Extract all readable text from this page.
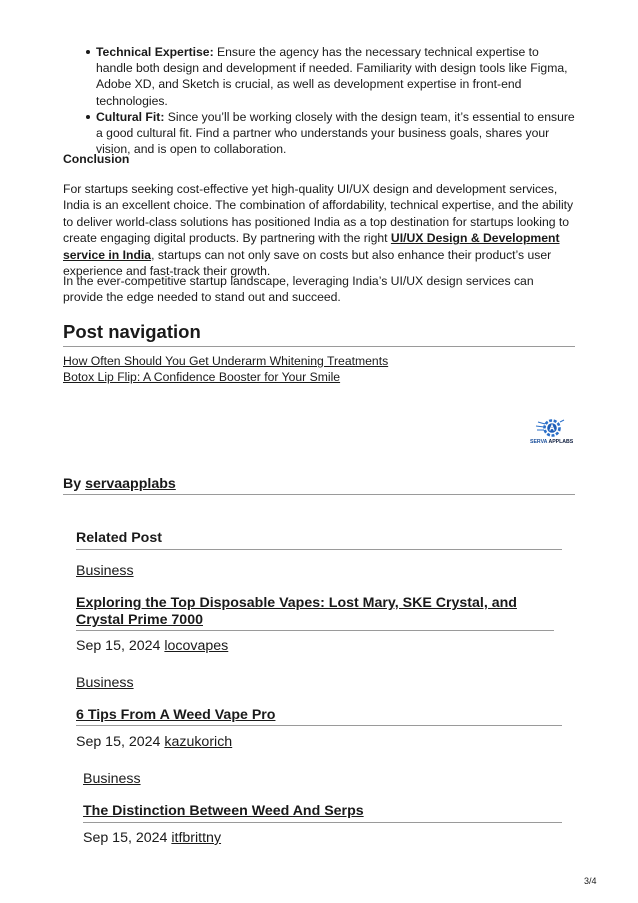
Technical Expertise: Ensure the agency has the necessary technical expertise to handle both design and development if needed. Familiarity with design tools like Figma, Adobe XD, and Sketch is crucial, as well as development expertise in front-end technologies.
Cultural Fit: Since you’ll be working closely with the design team, it’s essential to ensure a good cultural fit. Find a partner who understands your business goals, shares your vision, and is open to collaboration.
Conclusion
For startups seeking cost-effective yet high-quality UI/UX design and development services, India is an excellent choice. The combination of affordability, technical expertise, and the ability to deliver world-class solutions has positioned India as a top destination for startups looking to create engaging digital products. By partnering with the right UI/UX Design & Development service in India, startups can not only save on costs but also enhance their product’s user experience and fast-track their growth.
In the ever-competitive startup landscape, leveraging India’s UI/UX design services can provide the edge needed to stand out and succeed.
Post navigation
How Often Should You Get Underarm Whitening Treatments
Botox Lip Flip: A Confidence Booster for Your Smile
By servaapplabs
SERVA APPLABS
Related Post
Business
Exploring the Top Disposable Vapes: Lost Mary, SKE Crystal, and Crystal Prime 7000
Sep 15, 2024 locovapes
Business
6 Tips From A Weed Vape Pro
Sep 15, 2024 kazukorich
Business
The Distinction Between Weed And Serps
Sep 15, 2024 itfbrittny
3/4
